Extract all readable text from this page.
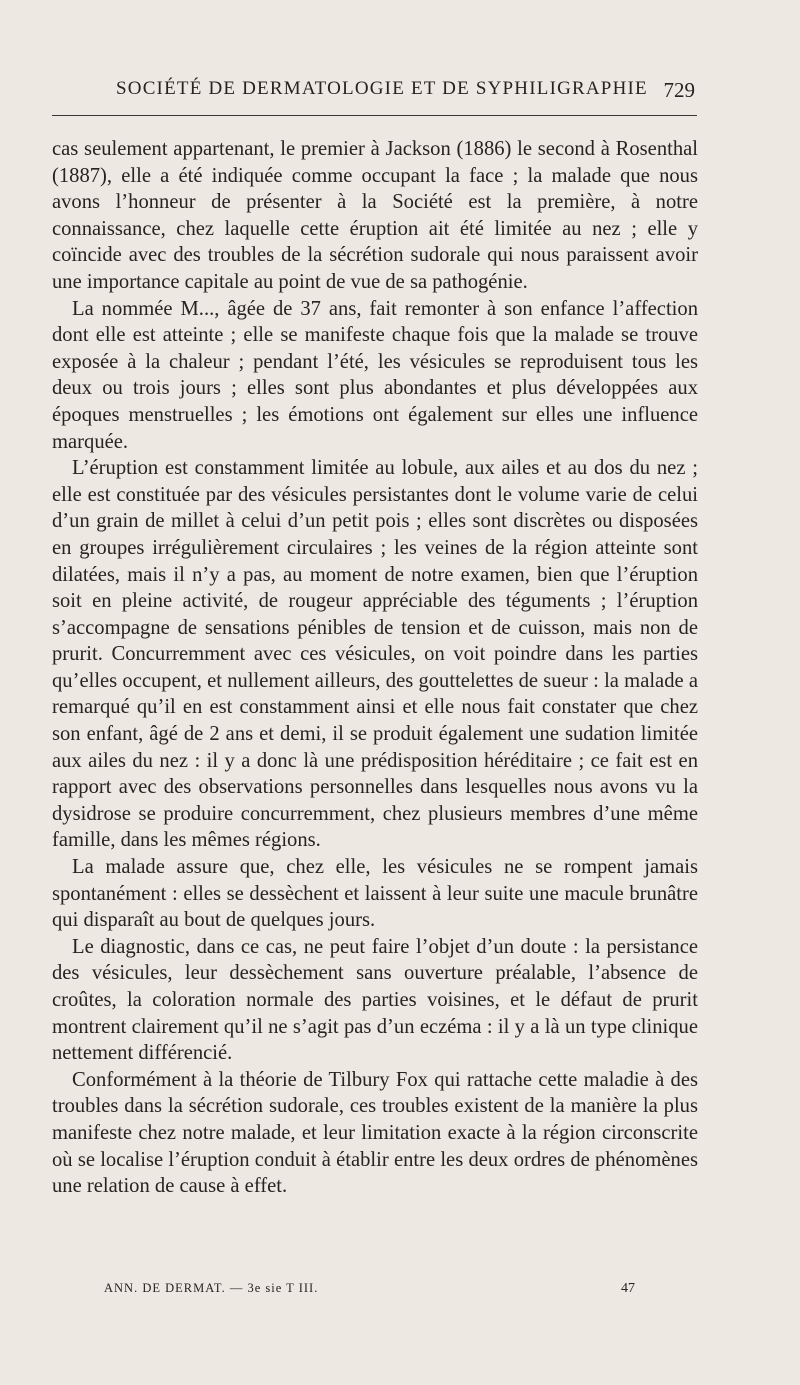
SOCIÉTÉ DE DERMATOLOGIE ET DE SYPHILIGRAPHIE 729

cas seulement appartenant, le premier à Jackson (1886) le second à Rosenthal (1887), elle a été indiquée comme occupant la face ; la malade que nous avons l’honneur de présenter à la Société est la première, à notre connaissance, chez laquelle cette éruption ait été limitée au nez ; elle y coïncide avec des troubles de la sécrétion sudorale qui nous paraissent avoir une importance capitale au point de vue de sa pathogénie.

La nommée M..., âgée de 37 ans, fait remonter à son enfance l’affection dont elle est atteinte ; elle se manifeste chaque fois que la malade se trouve exposée à la chaleur ; pendant l’été, les vésicules se reproduisent tous les deux ou trois jours ; elles sont plus abondantes et plus développées aux époques menstruelles ; les émotions ont également sur elles une influence marquée.

L’éruption est constamment limitée au lobule, aux ailes et au dos du nez ; elle est constituée par des vésicules persistantes dont le volume varie de celui d’un grain de millet à celui d’un petit pois ; elles sont discrètes ou disposées en groupes irrégulièrement circulaires ; les veines de la région atteinte sont dilatées, mais il n’y a pas, au moment de notre examen, bien que l’éruption soit en pleine activité, de rougeur appréciable des téguments ; l’éruption s’accompagne de sensations pénibles de tension et de cuisson, mais non de prurit. Concurremment avec ces vésicules, on voit poindre dans les parties qu’elles occupent, et nullement ailleurs, des gouttelettes de sueur : la malade a remarqué qu’il en est constamment ainsi et elle nous fait constater que chez son enfant, âgé de 2 ans et demi, il se produit également une sudation limitée aux ailes du nez : il y a donc là une prédisposition héréditaire ; ce fait est en rapport avec des observations personnelles dans lesquelles nous avons vu la dysidrose se produire concurremment, chez plusieurs membres d’une même famille, dans les mêmes régions.

La malade assure que, chez elle, les vésicules ne se rompent jamais spontanément : elles se dessèchent et laissent à leur suite une macule brunâtre qui disparaît au bout de quelques jours.

Le diagnostic, dans ce cas, ne peut faire l’objet d’un doute : la persistance des vésicules, leur dessèchement sans ouverture préalable, l’absence de croûtes, la coloration normale des parties voisines, et le défaut de prurit montrent clairement qu’il ne s’agit pas d’un eczéma : il y a là un type clinique nettement différencié.

Conformément à la théorie de Tilbury Fox qui rattache cette maladie à des troubles dans la sécrétion sudorale, ces troubles existent de la manière la plus manifeste chez notre malade, et leur limitation exacte à la région circonscrite où se localise l’éruption conduit à établir entre les deux ordres de phénomènes une relation de cause à effet.

ANN. DE DERMAT. — 3e sie T III.	47
